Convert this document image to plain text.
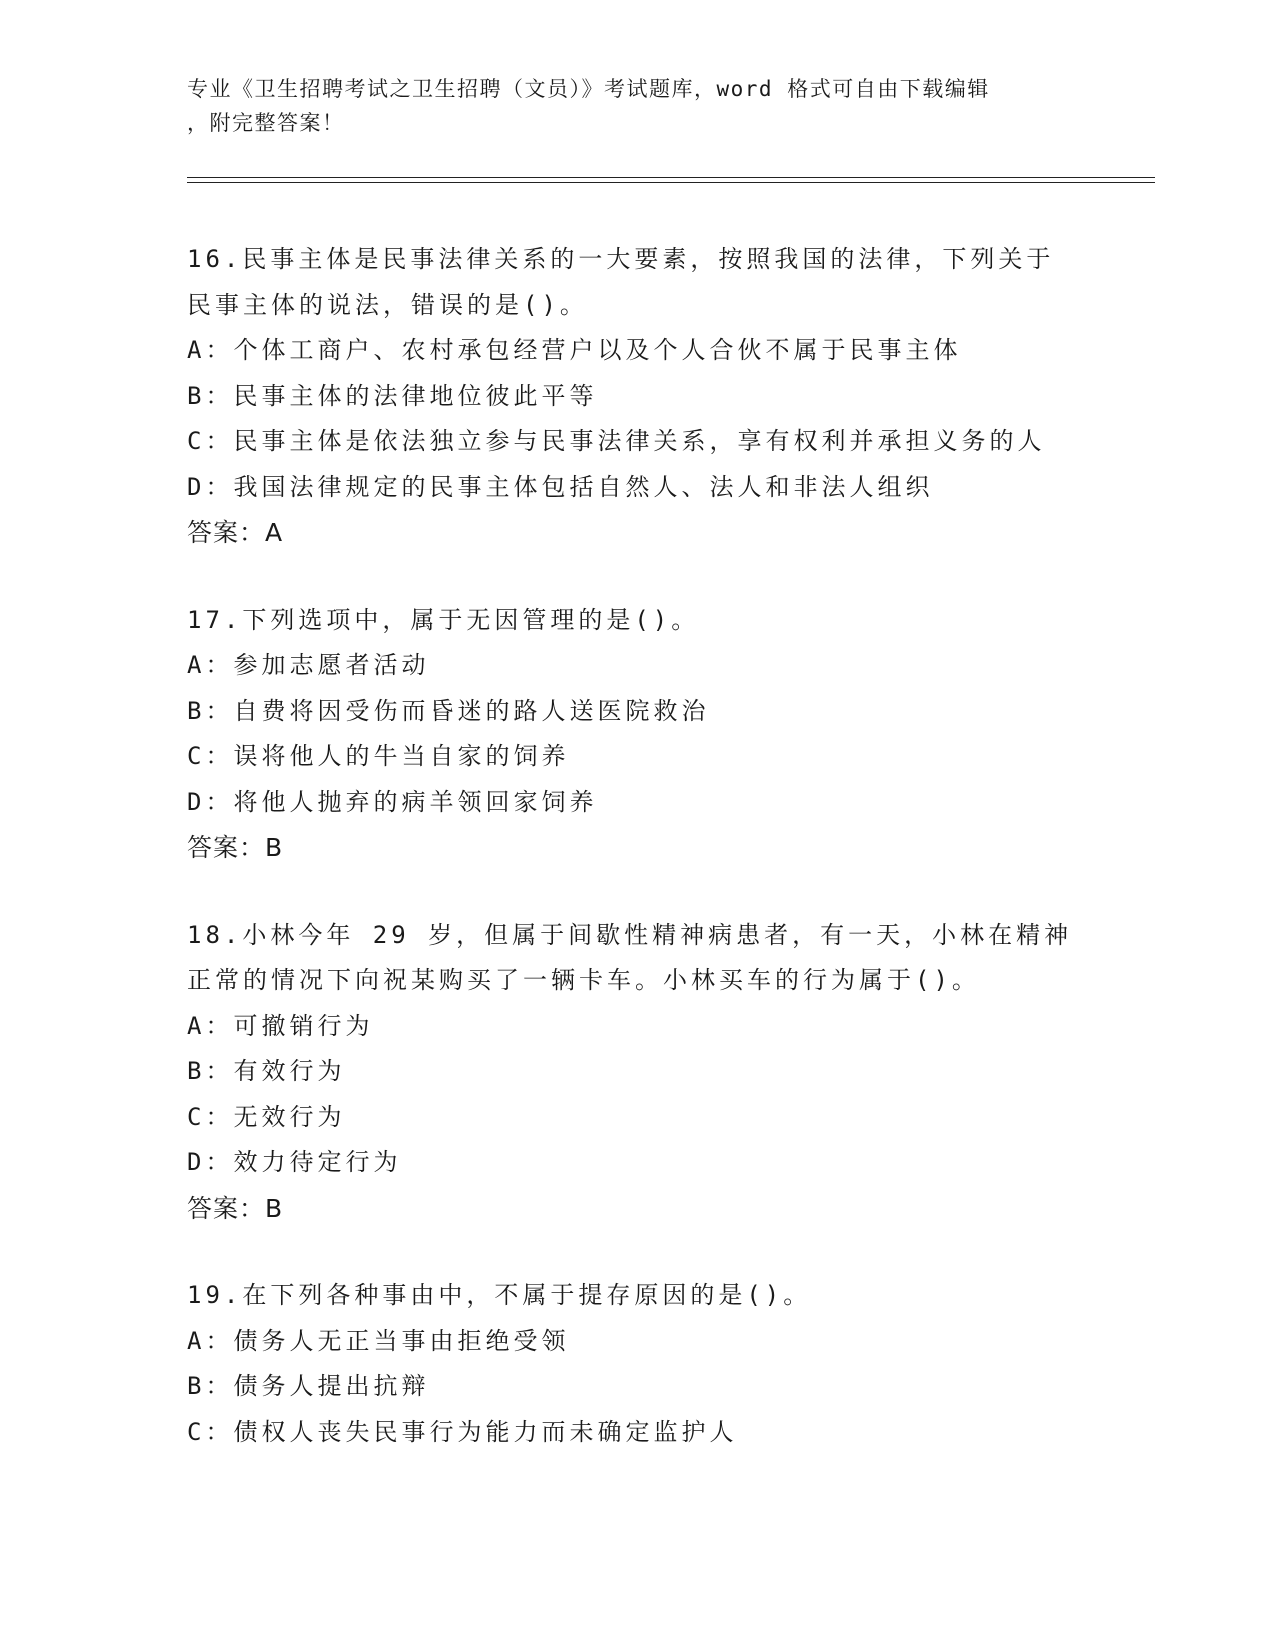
专业《卫生招聘考试之卫生招聘（文员）》考试题库，word 格式可自由下载编辑
，附完整答案！
16.民事主体是民事法律关系的一大要素，按照我国的法律，下列关于
民事主体的说法，错误的是()。
A：个体工商户、农村承包经营户以及个人合伙不属于民事主体
B：民事主体的法律地位彼此平等
C：民事主体是依法独立参与民事法律关系，享有权利并承担义务的人
D：我国法律规定的民事主体包括自然人、法人和非法人组织
答案：A
17.下列选项中，属于无因管理的是()。
A：参加志愿者活动
B：自费将因受伤而昏迷的路人送医院救治
C：误将他人的牛当自家的饲养
D：将他人抛弃的病羊领回家饲养
答案：B
18.小林今年 29 岁，但属于间歇性精神病患者，有一天，小林在精神
正常的情况下向祝某购买了一辆卡车。小林买车的行为属于()。
A：可撤销行为
B：有效行为
C：无效行为
D：效力待定行为
答案：B
19.在下列各种事由中，不属于提存原因的是()。
A：债务人无正当事由拒绝受领
B：债务人提出抗辩
C：债权人丧失民事行为能力而未确定监护人
